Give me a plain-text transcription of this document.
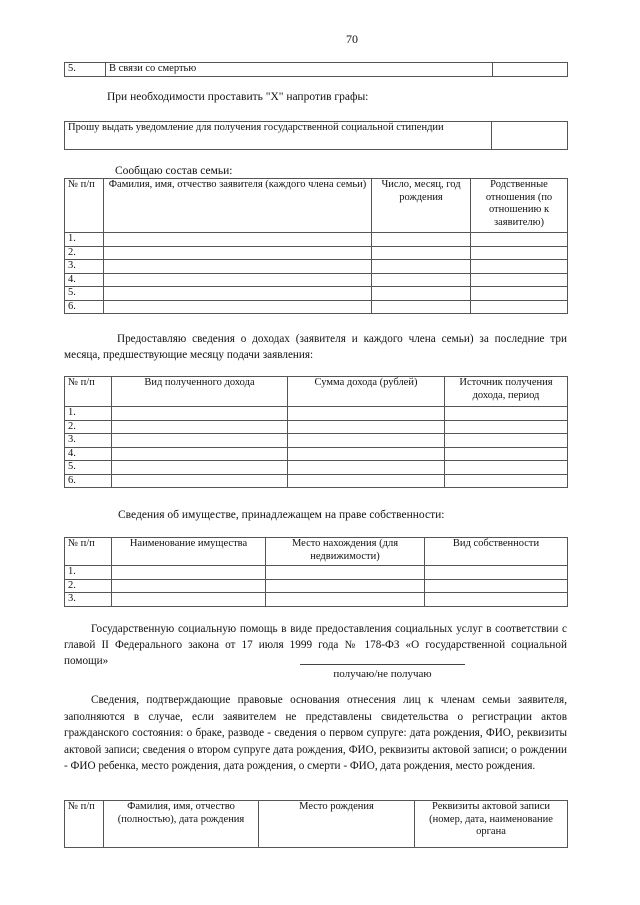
70
5.	В связи со смертью	
При необходимости проставить "X" напротив графы:
Прошу выдать уведомление для получения государственной социальной стипендии	
Сообщаю состав семьи:
№ п/п	Фамилия, имя, отчество заявителя (каждого члена семьи)	Число, месяц, год рождения	Родственные отношения (по отношению к заявителю)
1.			
2.			
3.			
4.			
5.			
6.			
Предоставляю сведения о доходах (заявителя и каждого члена семьи) за последние три месяца, предшествующие месяцу подачи заявления:
№ п/п	Вид полученного дохода	Сумма дохода (рублей)	Источник получения дохода, период
1.			
2.			
3.			
4.			
5.			
6.			
Сведения об имуществе, принадлежащем на праве собственности:
№ п/п	Наименование имущества	Место нахождения (для недвижимости)	Вид собственности
1.			
2.			
3.			
Государственную социальную помощь в виде предоставления социальных услуг в соответствии с главой II Федерального закона от 17 июля 1999 года № 178-ФЗ «О государственной социальной помощи»
получаю/не получаю
Сведения, подтверждающие правовые основания отнесения лиц к членам семьи заявителя, заполняются в случае, если заявителем не представлены свидетельства о регистрации актов гражданского состояния: о браке, разводе - сведения о первом супруге: дата рождения, ФИО, реквизиты актовой записи; сведения о втором супруге дата рождения, ФИО, реквизиты актовой записи; о рождении - ФИО ребенка, место рождения, дата рождения, о смерти - ФИО, дата рождения, место рождения.
№ п/п	Фамилия, имя, отчество (полностью), дата рождения	Место рождения	Реквизиты актовой записи (номер, дата, наименование органа
